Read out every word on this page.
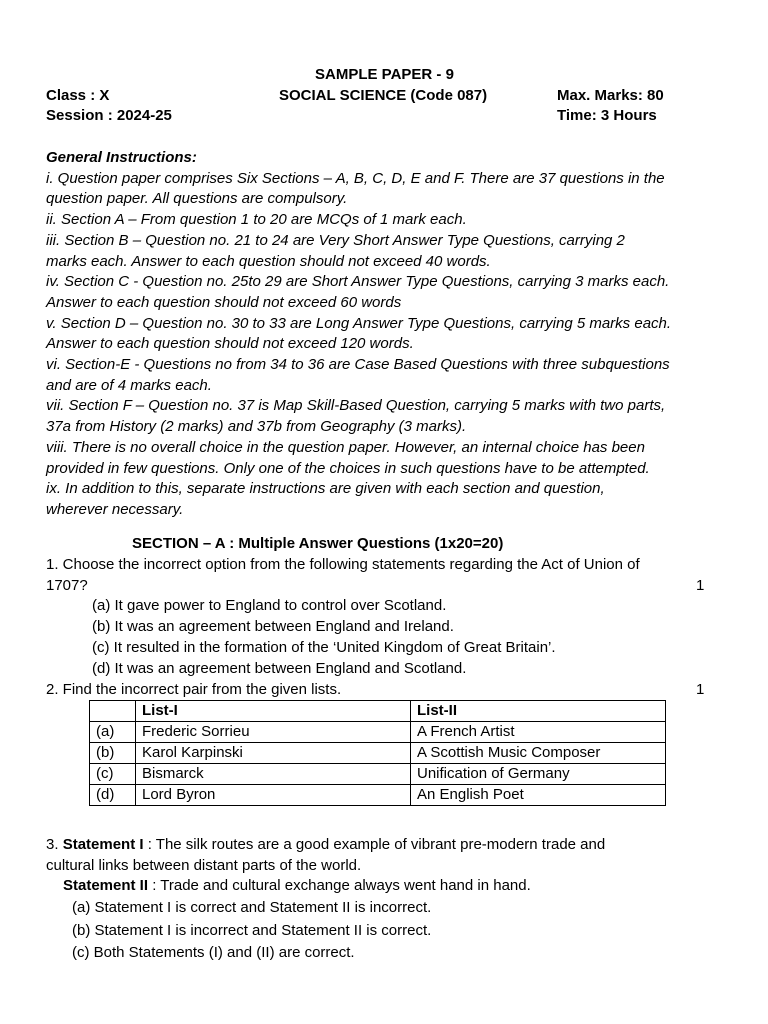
SAMPLE PAPER - 9
Class : X	SOCIAL SCIENCE (Code 087)	Max. Marks: 80
Session : 2024-25	Time: 3 Hours
General Instructions:
i. Question paper comprises Six Sections – A, B, C, D, E and F. There are 37 questions in the
question paper. All questions are compulsory.
ii. Section A – From question 1 to 20 are MCQs of 1 mark each.
iii. Section B – Question no. 21 to 24 are Very Short Answer Type Questions, carrying 2
marks each. Answer to each question should not exceed 40 words.
iv. Section C - Question no. 25to 29 are Short Answer Type Questions, carrying 3 marks each.
Answer to each question should not exceed 60 words
v. Section D – Question no. 30 to 33 are Long Answer Type Questions, carrying 5 marks each.
Answer to each question should not exceed 120 words.
vi. Section-E - Questions no from 34 to 36 are Case Based Questions with three subquestions
and are of 4 marks each.
vii. Section F – Question no. 37 is Map Skill-Based Question, carrying 5 marks with two parts,
37a from History (2 marks) and 37b from Geography (3 marks).
viii. There is no overall choice in the question paper. However, an internal choice has been
provided in few questions. Only one of the choices in such questions have to be attempted.
ix. In addition to this, separate instructions are given with each section and question,
wherever necessary.
SECTION – A : Multiple Answer Questions (1x20=20)
1. Choose the incorrect option from the following statements regarding the Act of Union of
1707?	1
(a) It gave power to England to control over Scotland.
(b) It was an agreement between England and Ireland.
(c) It resulted in the formation of the ‘United Kingdom of Great Britain’.
(d) It was an agreement between England and Scotland.
2. Find the incorrect pair from the given lists.	1
	List-I	List-II
(a)	Frederic Sorrieu	A French Artist
(b)	Karol Karpinski	A Scottish Music Composer
(c)	Bismarck	Unification of Germany
(d)	Lord Byron	An English Poet
3. Statement I : The silk routes are a good example of vibrant pre-modern trade and
cultural links between distant parts of the world.
Statement II : Trade and cultural exchange always went hand in hand.
(a) Statement I is correct and Statement II is incorrect.
(b) Statement I is incorrect and Statement II is correct.
(c) Both Statements (I) and (II) are correct.
